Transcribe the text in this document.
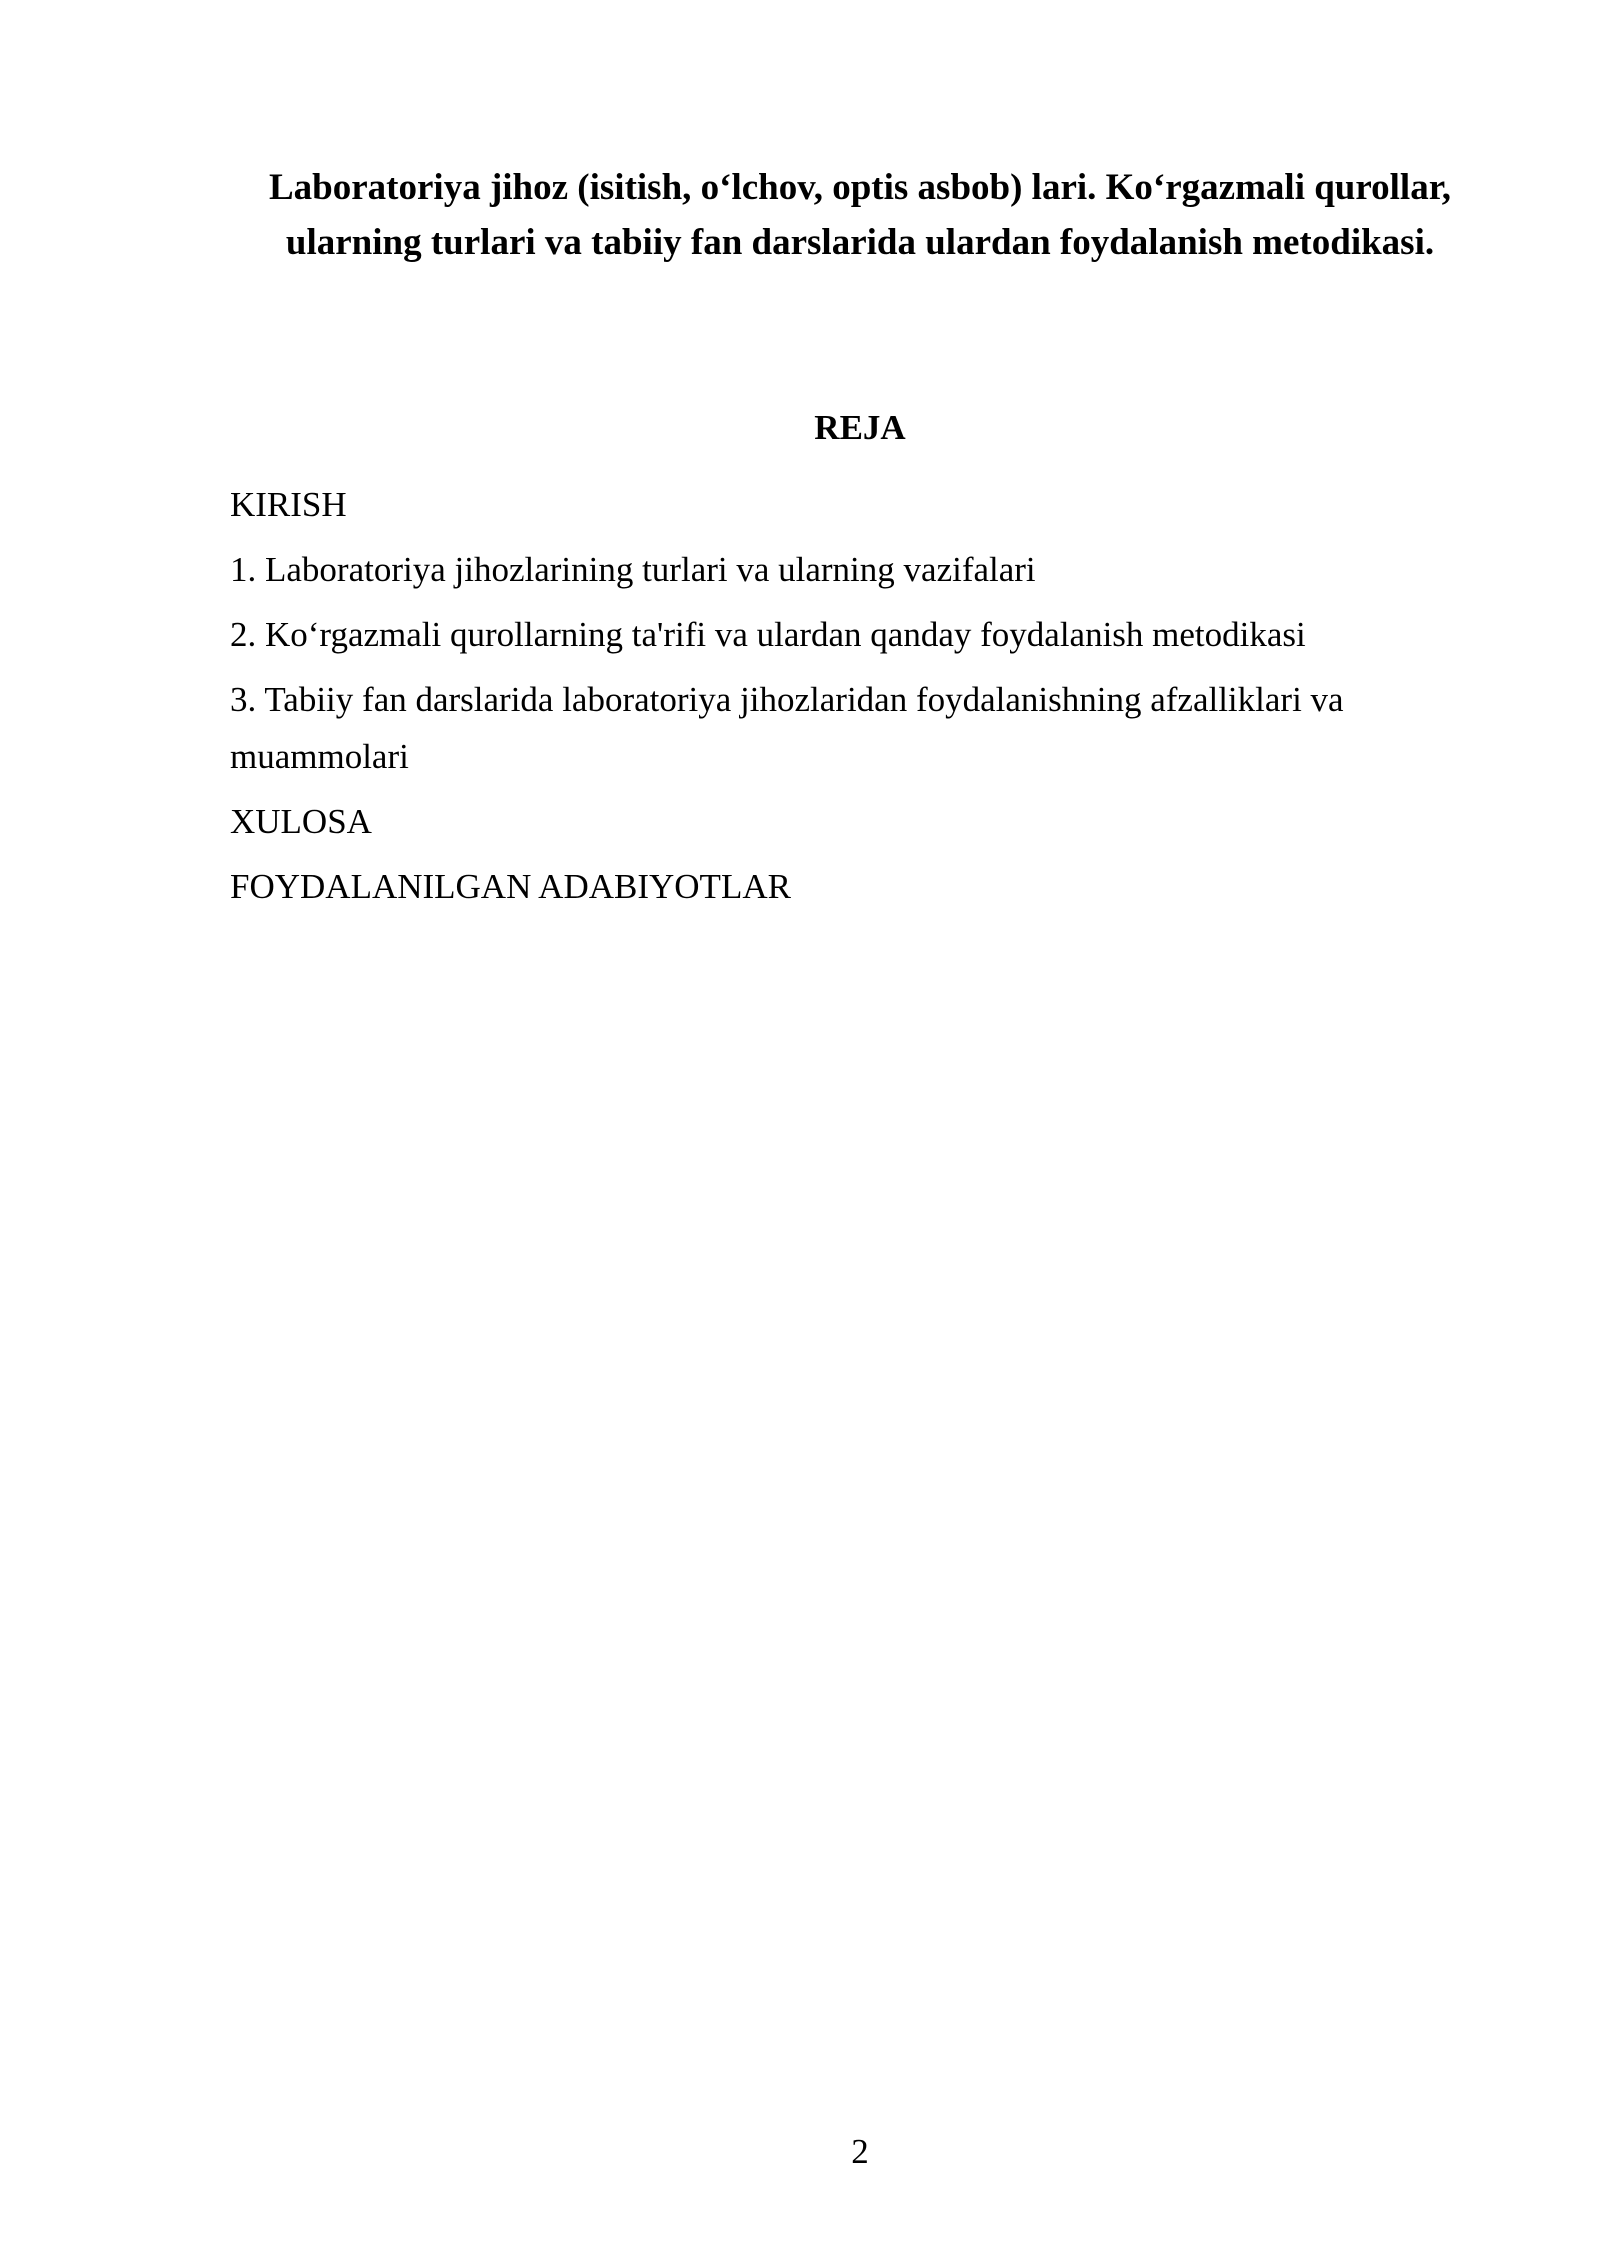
Laboratoriya jihoz (isitish, o‘lchov, optis asbob) lari. Ko‘rgazmali qurollar,
ularning turlari va tabiiy fan darslarida ulardan foydalanish metodikasi.
REJA
KIRISH
1. Laboratoriya jihozlarining turlari va ularning vazifalari
2. Ko‘rgazmali qurollarning ta'rifi va ulardan qanday foydalanish metodikasi
3. Tabiiy fan darslarida laboratoriya jihozlaridan foydalanishning afzalliklari va muammolari
XULOSA
FOYDALANILGAN ADABIYOTLAR
2
